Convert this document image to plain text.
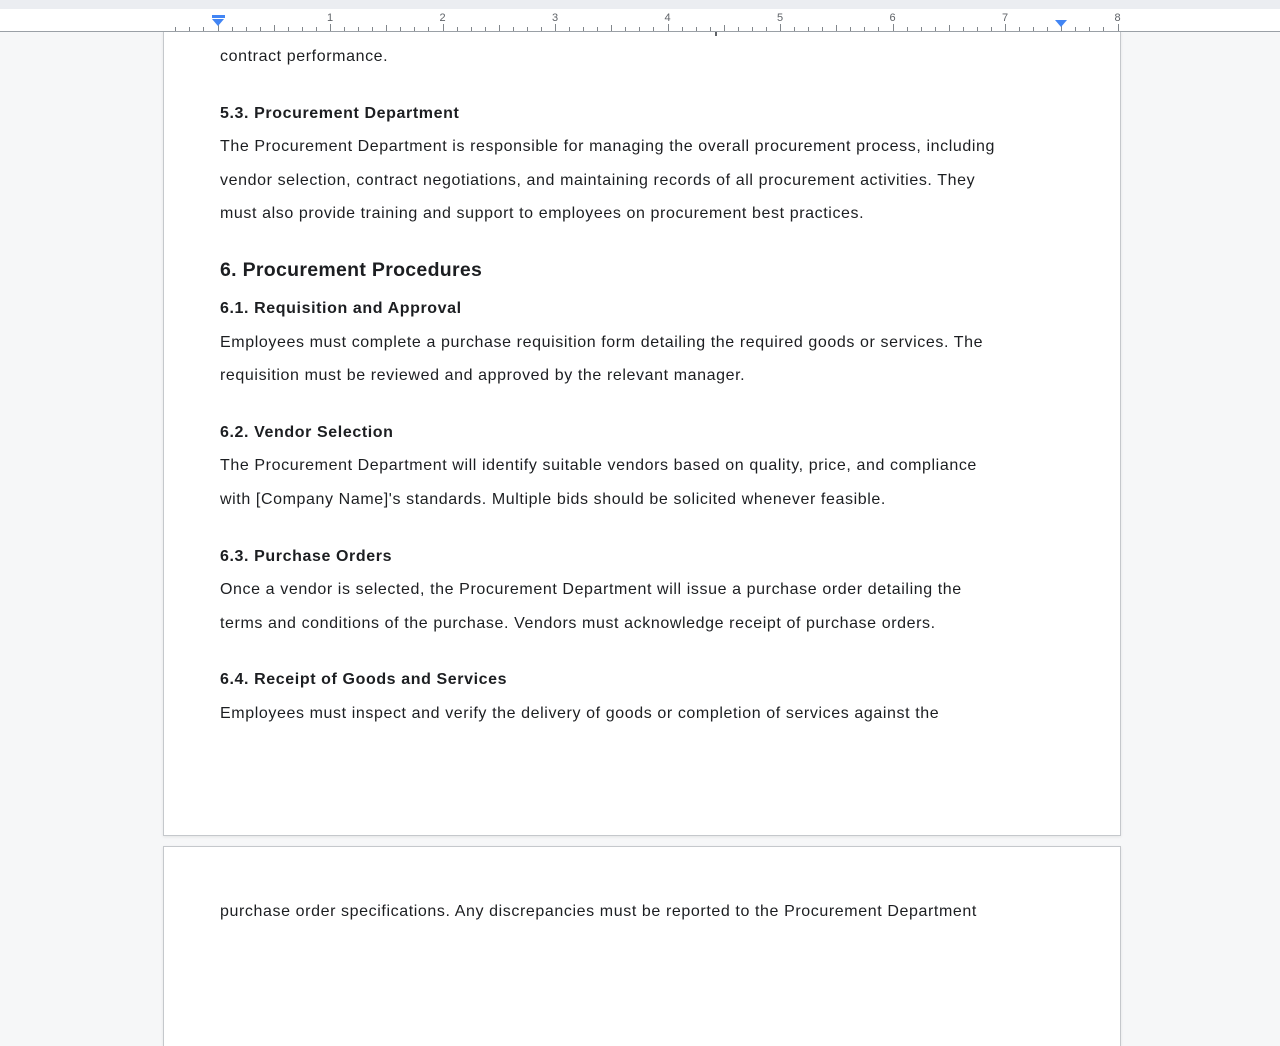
1	2	3	4	5	6	7	8
contract performance.
5.3. Procurement Department
The Procurement Department is responsible for managing the overall procurement process, including
vendor selection, contract negotiations, and maintaining records of all procurement activities. They
must also provide training and support to employees on procurement best practices.
6. Procurement Procedures
6.1. Requisition and Approval
Employees must complete a purchase requisition form detailing the required goods or services. The
requisition must be reviewed and approved by the relevant manager.
6.2. Vendor Selection
The Procurement Department will identify suitable vendors based on quality, price, and compliance
with [Company Name]'s standards. Multiple bids should be solicited whenever feasible.
6.3. Purchase Orders
Once a vendor is selected, the Procurement Department will issue a purchase order detailing the
terms and conditions of the purchase. Vendors must acknowledge receipt of purchase orders.
6.4. Receipt of Goods and Services
Employees must inspect and verify the delivery of goods or completion of services against the
purchase order specifications. Any discrepancies must be reported to the Procurement Department
